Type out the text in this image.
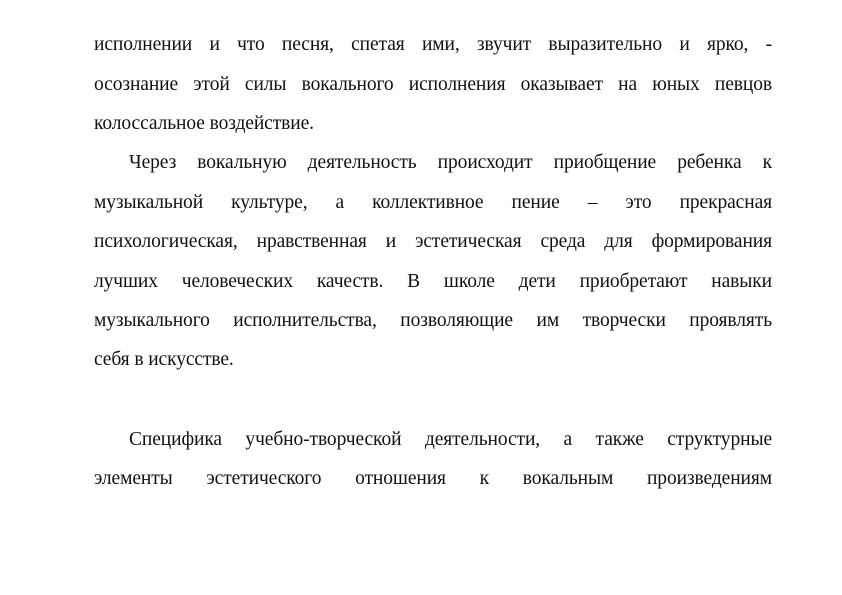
исполнении и что песня, спетая ими, звучит выразительно и ярко, -
осознание этой силы вокального исполнения оказывает на юных певцов
колоссальное воздействие.
Через вокальную деятельность происходит приобщение ребенка к
музыкальной культуре, а коллективное пение – это прекрасная
психологическая, нравственная и эстетическая среда для формирования
лучших человеческих качеств. В школе дети приобретают навыки
музыкального исполнительства, позволяющие им творчески проявлять
себя в искусстве.
Специфика учебно-творческой деятельности, а также структурные
элементы эстетического отношения к вокальным произведениям
